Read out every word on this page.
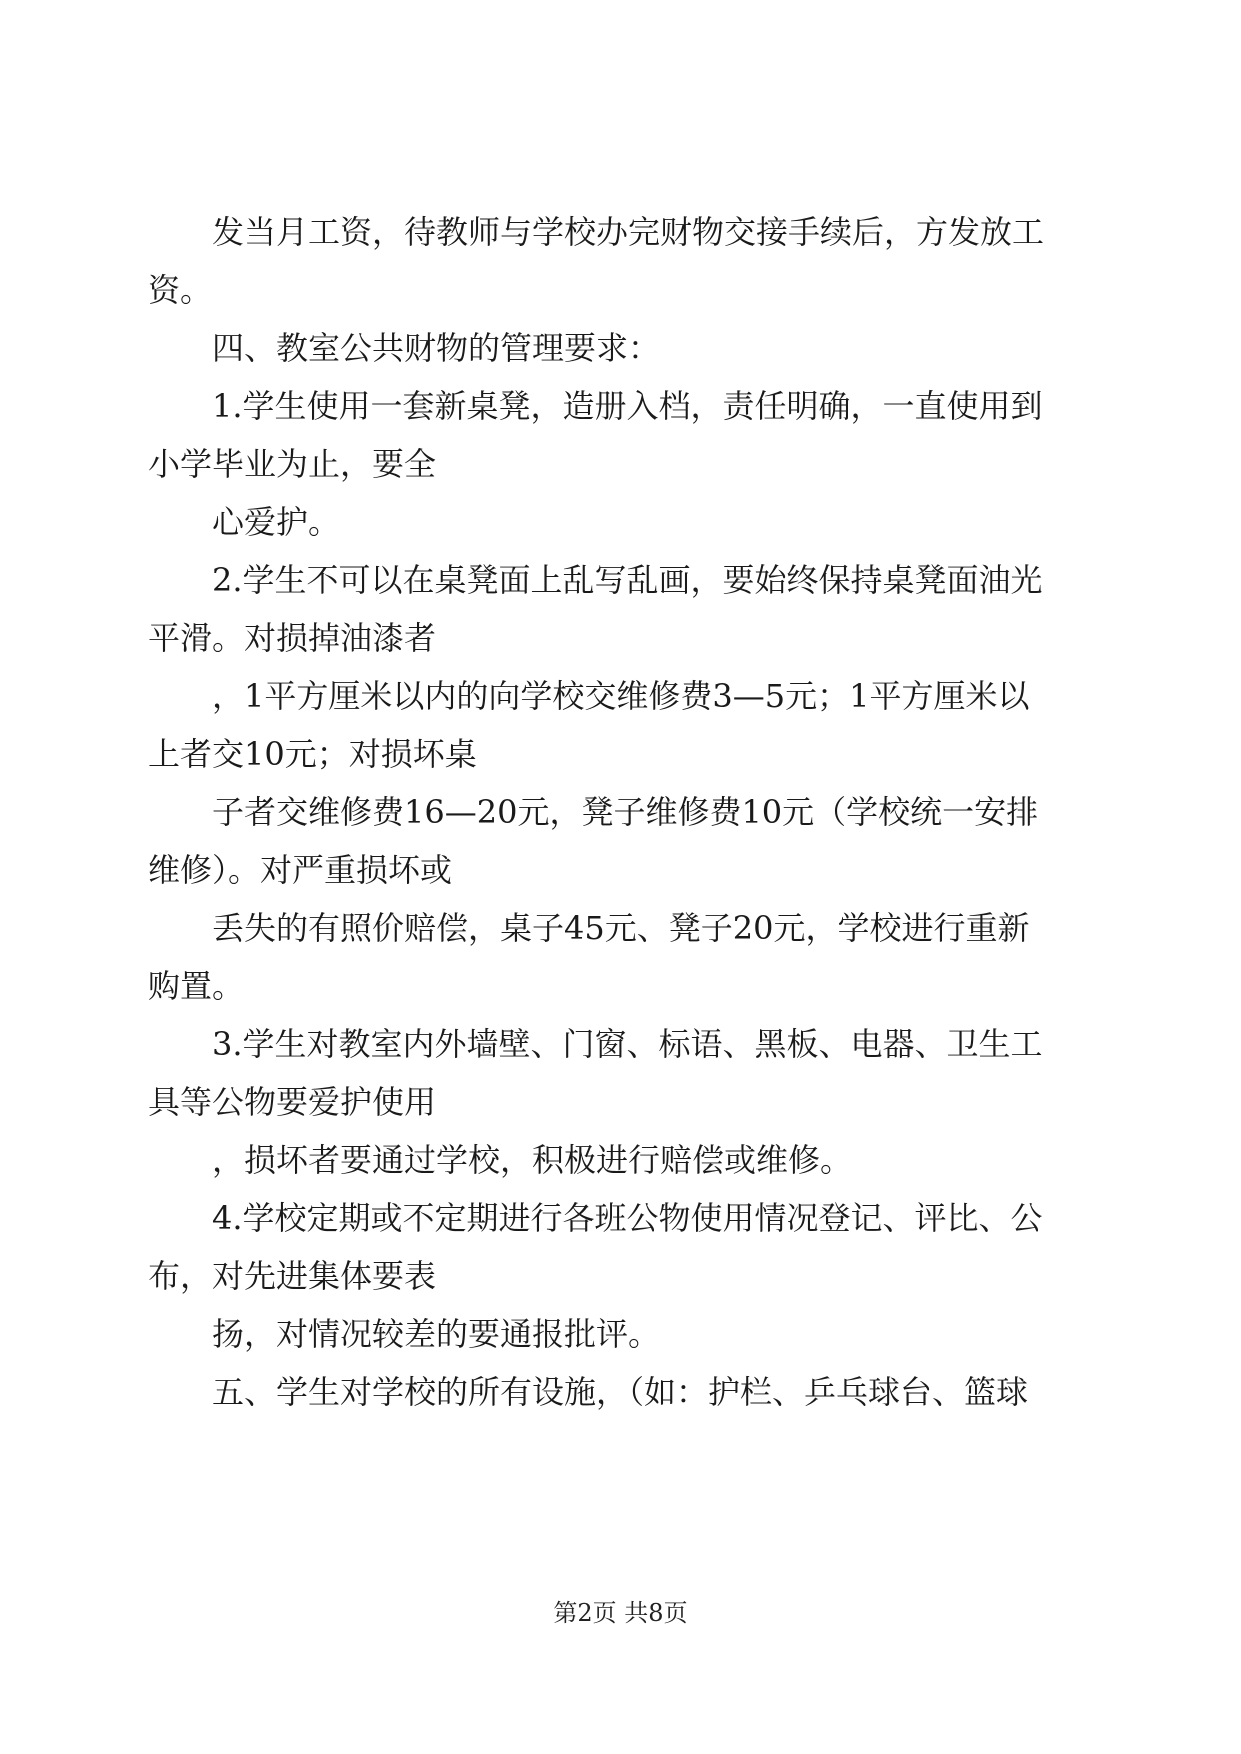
发当月工资，待教师与学校办完财物交接手续后，方发放工
资。
四、教室公共财物的管理要求：
1.学生使用一套新桌凳，造册入档，责任明确，一直使用到
小学毕业为止，要全
心爱护。
2.学生不可以在桌凳面上乱写乱画，要始终保持桌凳面油光
平滑。对损掉油漆者
，1平方厘米以内的向学校交维修费3—5元；1平方厘米以
上者交10元；对损坏桌
子者交维修费16—20元，凳子维修费10元（学校统一安排
维修）。对严重损坏或
丢失的有照价赔偿，桌子45元、凳子20元，学校进行重新
购置。
3.学生对教室内外墙壁、门窗、标语、黑板、电器、卫生工
具等公物要爱护使用
，损坏者要通过学校，积极进行赔偿或维修。
4.学校定期或不定期进行各班公物使用情况登记、评比、公
布，对先进集体要表
扬，对情况较差的要通报批评。
五、学生对学校的所有设施，（如：护栏、乒乓球台、篮球
第2页 共8页
